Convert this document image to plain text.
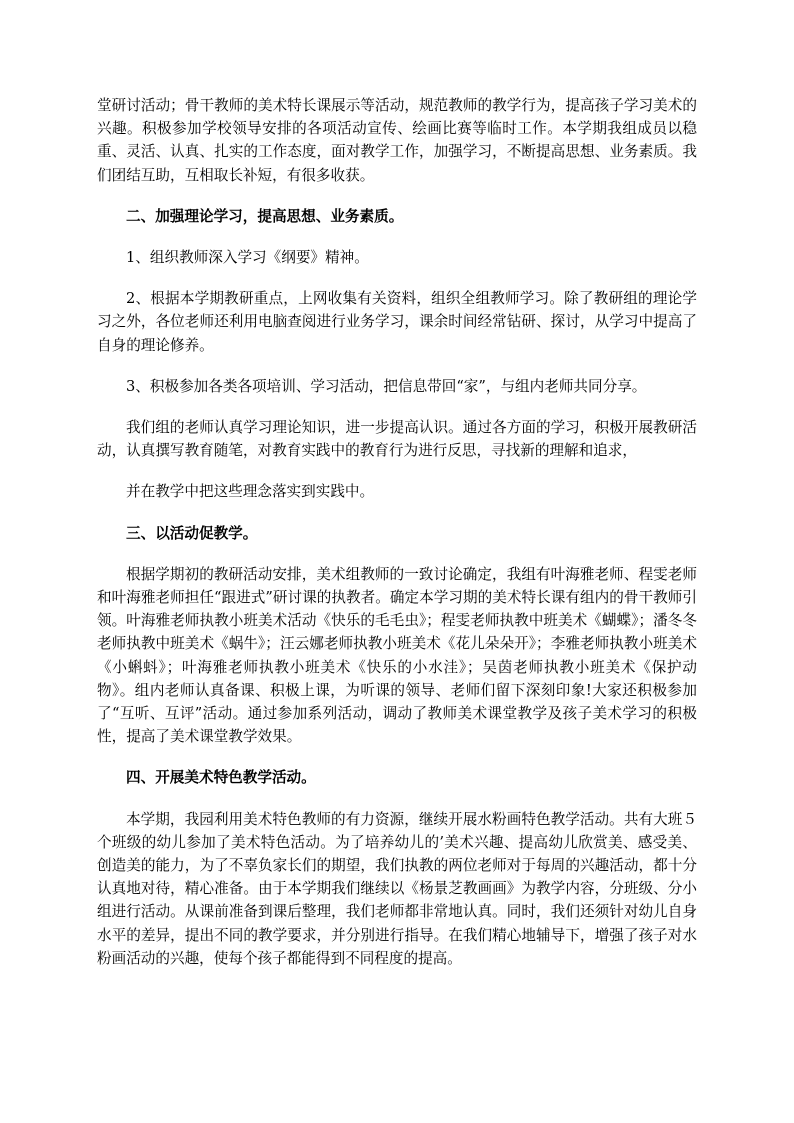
堂研讨活动；骨干教师的美术特长课展示等活动，规范教师的教学行为，提高孩子学习美术的兴趣。积极参加学校领导安排的各项活动宣传、绘画比赛等临时工作。本学期我组成员以稳重、灵活、认真、扎实的工作态度，面对教学工作，加强学习，不断提高思想、业务素质。我们团结互助，互相取长补短，有很多收获。

二、加强理论学习，提高思想、业务素质。

1、组织教师深入学习《纲要》精神。

2、根据本学期教研重点，上网收集有关资料，组织全组教师学习。除了教研组的理论学习之外，各位老师还利用电脑查阅进行业务学习，课余时间经常钻研、探讨，从学习中提高了自身的理论修养。

3、积极参加各类各项培训、学习活动，把信息带回“家”，与组内老师共同分享。

我们组的老师认真学习理论知识，进一步提高认识。通过各方面的学习，积极开展教研活动，认真撰写教育随笔，对教育实践中的教育行为进行反思，寻找新的理解和追求，

并在教学中把这些理念落实到实践中。

三、以活动促教学。

根据学期初的教研活动安排，美术组教师的一致讨论确定，我组有叶海雅老师、程雯老师和叶海雅老师担任“跟进式”研讨课的执教者。确定本学习期的美术特长课有组内的骨干教师引领。叶海雅老师执教小班美术活动《快乐的毛毛虫》；程雯老师执教中班美术《蝴蝶》；潘冬冬老师执教中班美术《蜗牛》；汪云娜老师执教小班美术《花儿朵朵开》；李雅老师执教小班美术《小蝌蚪》；叶海雅老师执教小班美术《快乐的小水洼》；吴茵老师执教小班美术《保护动物》。组内老师认真备课、积极上课，为听课的领导、老师们留下深刻印象!大家还积极参加了“互听、互评”活动。通过参加系列活动，调动了教师美术课堂教学及孩子美术学习的积极性，提高了美术课堂教学效果。

四、开展美术特色教学活动。

本学期，我园利用美术特色教师的有力资源，继续开展水粉画特色教学活动。共有大班５个班级的幼儿参加了美术特色活动。为了培养幼儿的’美术兴趣、提高幼儿欣赏美、感受美、创造美的能力，为了不辜负家长们的期望，我们执教的两位老师对于每周的兴趣活动，都十分认真地对待，精心准备。由于本学期我们继续以《杨景芝教画画》为教学内容，分班级、分小组进行活动。从课前准备到课后整理，我们老师都非常地认真。同时，我们还须针对幼儿自身水平的差异，提出不同的教学要求，并分别进行指导。在我们精心地辅导下，增强了孩子对水粉画活动的兴趣，使每个孩子都能得到不同程度的提高。
